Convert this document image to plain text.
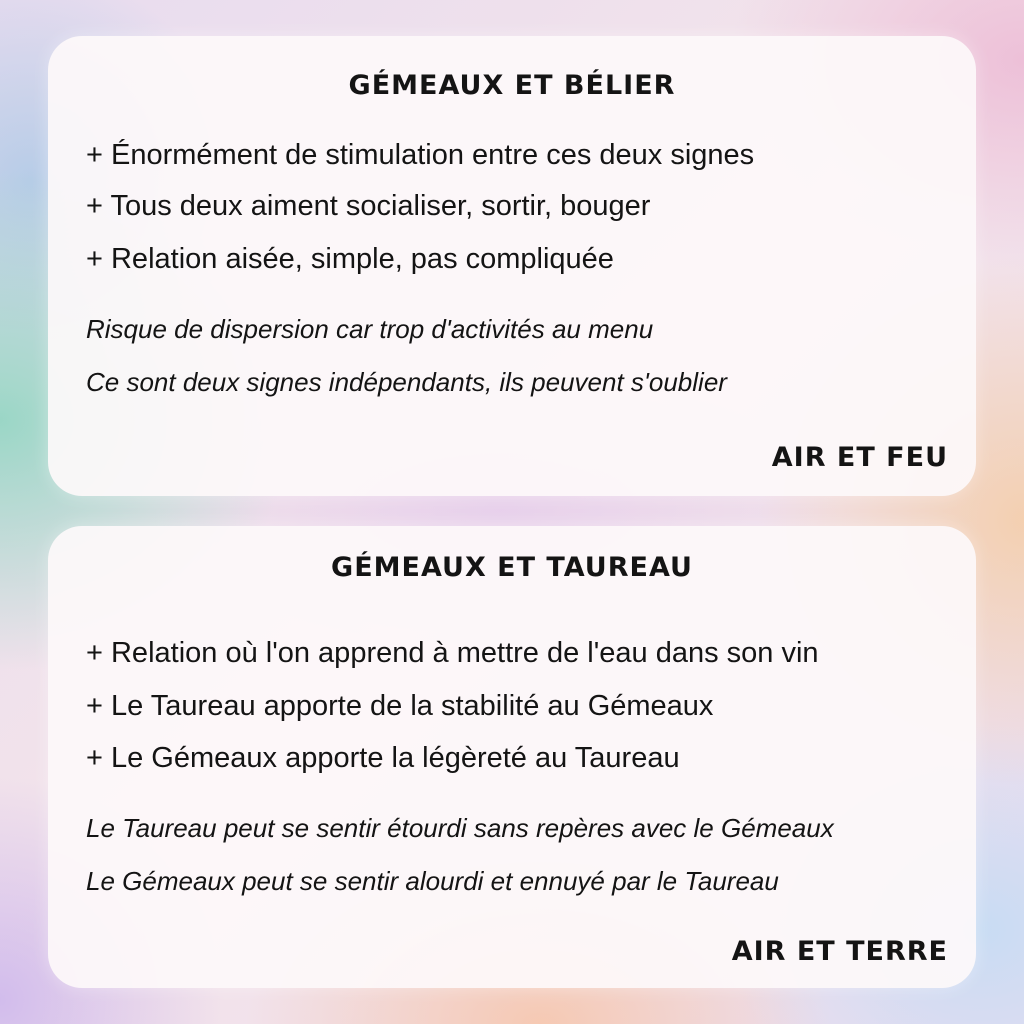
GÉMEAUX ET BÉLIER

+ Énormément de stimulation entre ces deux signes

+ Tous deux aiment socialiser, sortir, bouger

+ Relation aisée, simple, pas compliquée

Risque de dispersion car trop d'activités au menu

Ce sont deux signes indépendants, ils peuvent s'oublier

AIR ET FEU

GÉMEAUX ET TAUREAU

+ Relation où l'on apprend à mettre de l'eau dans son vin

+ Le Taureau apporte de la stabilité au Gémeaux

+ Le Gémeaux apporte la légèreté au Taureau

Le Taureau peut se sentir étourdi sans repères avec le Gémeaux

Le Gémeaux peut se sentir alourdi et ennuyé par le Taureau

AIR ET TERRE
